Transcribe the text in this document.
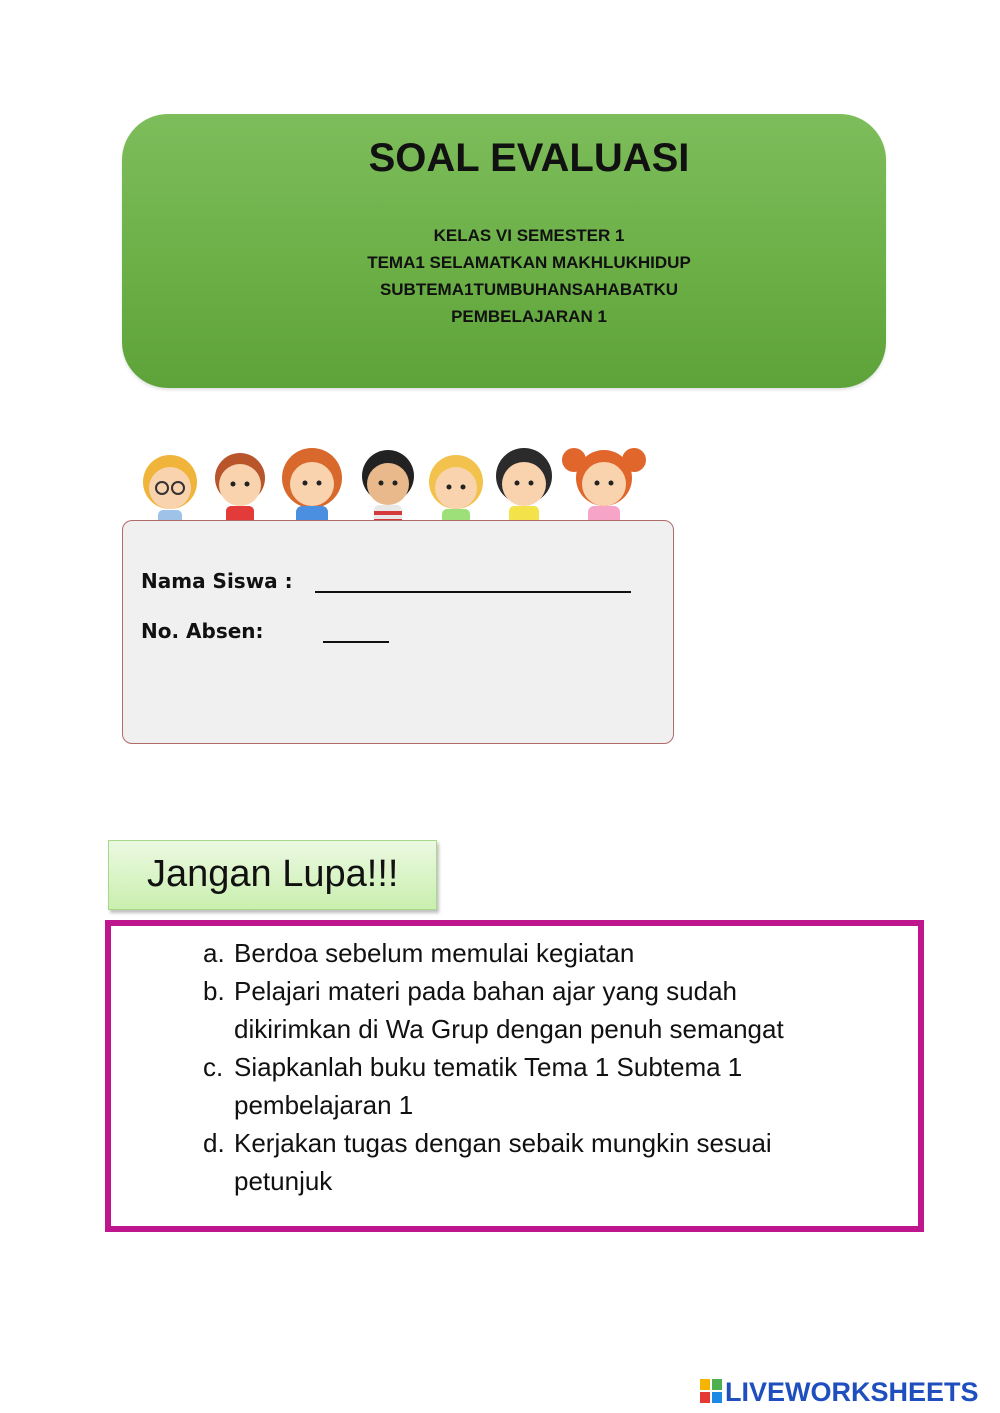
SOAL EVALUASI
KELAS VI SEMESTER 1
TEMA1 SELAMATKAN MAKHLUKHIDUP
SUBTEMA1TUMBUHANSAHABATKU
PEMBELAJARAN 1
Nama Siswa :
No. Absen:
Jangan Lupa!!!
a. Berdoa sebelum memulai kegiatan
b. Pelajari materi pada bahan ajar yang sudah
dikirimkan di Wa Grup dengan penuh semangat
c. Siapkanlah buku tematik Tema 1 Subtema 1
pembelajaran 1
d. Kerjakan tugas dengan sebaik mungkin sesuai
petunjuk
LIVEWORKSHEETS
